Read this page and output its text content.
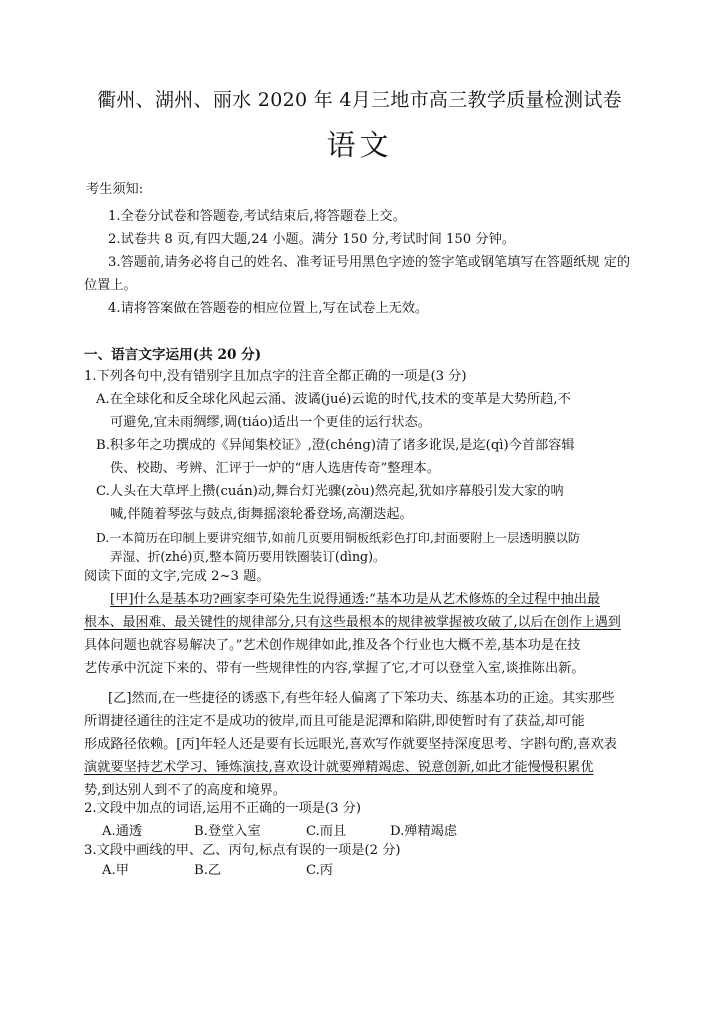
衢州、湖州、丽水 2020 年 4月三地市高三教学质量检测试卷
语文
考生须知:
1.全卷分试卷和答题卷,考试结束后,将答题卷上交。
2.试卷共 8 页,有四大题,24 小题。满分 150 分,考试时间 150 分钟。
3.答题前,请务必将自己的姓名、准考证号用黑色字迹的签字笔或钢笔填写在答题纸规 定的
位置上。
4.请将答案做在答题卷的相应位置上,写在试卷上无效。
一、语言文字运用(共 20 分)
1.下列各句中,没有错别字且加点字的注音全都正确的一项是(3 分)
A.在全球化和反全球化风起云涌、波谲(jué)云诡的时代,技术的变革是大势所趋,不
可避免,宜未雨绸缪,调(tiáo)适出一个更佳的运行状态。
B.积多年之功撰成的《异闻集校证》,澄(chéng)清了诸多讹误,是迄(qì)今首部容辑
佚、校勘、考辨、汇评于一炉的“唐人选唐传奇”整理本。
C.人头在大草坪上攒(cuán)动,舞台灯光骤(zòu)然亮起,犹如序幕般引发大家的呐
喊,伴随着琴弦与鼓点,街舞摇滚轮番登场,高潮迭起。
D.一本简历在印制上要讲究细节,如前几页要用铜板纸彩色打印,封面要附上一层透明膜以防
弄湿、折(zhé)页,整本简历要用铁圈装订(dìng)。
阅读下面的文字,完成 2~3 题。
[甲]什么是基本功?画家李可染先生说得通透:“基本功是从艺术修炼的全过程中抽出最
根本、最困难、最关键性的规律部分,只有这些最根本的规律被掌握被攻破了,以后在创作上遇到
具体问题也就容易解决了。”艺术创作规律如此,推及各个行业也大概不差,基本功是在技
艺传承中沉淀下来的、带有一些规律性的内容,掌握了它,才可以登堂入室,谈推陈出新。
[乙]然而,在一些捷径的诱惑下,有些年轻人偏离了下笨功夫、练基本功的正途。其实那些
所谓捷径通往的注定不是成功的彼岸,而且可能是泥潭和陷阱,即使暂时有了获益,却可能
形成路径依赖。[丙]年轻人还是要有长远眼光,喜欢写作就要坚持深度思考、字斟句酌,喜欢表
演就要坚持艺术学习、锤炼演技,喜欢设计就要殚精竭虑、锐意创新,如此才能慢慢积累优
势,到达别人到不了的高度和境界。
2.文段中加点的词语,运用不正确的一项是(3 分)
A.通透	B.登堂入室	C.而且	D.殚精竭虑
3.文段中画线的甲、乙、丙句,标点有误的一项是(2 分)
A.甲	B.乙	C.丙
